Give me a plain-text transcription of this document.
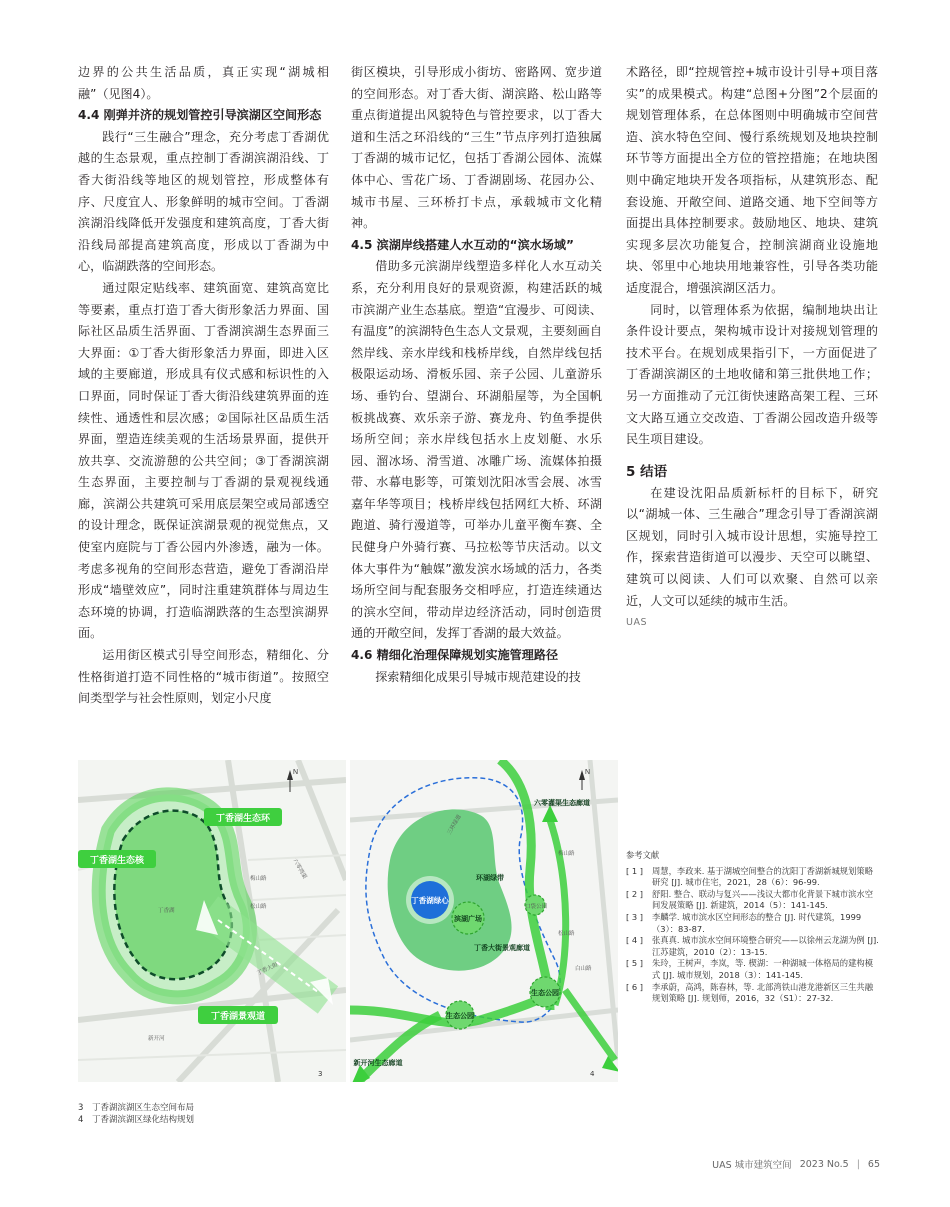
边界的公共生活品质，真正实现“湖城相融”（见图4）。

4.4 刚弹并济的规划管控引导滨湖区空间形态

践行“三生融合”理念，充分考虑丁香湖优越的生态景观，重点控制丁香湖滨湖沿线、丁香大街沿线等地区的规划管控，形成整体有序、尺度宜人、形象鲜明的城市空间。丁香湖滨湖沿线降低开发强度和建筑高度，丁香大街沿线局部提高建筑高度，形成以丁香湖为中心，临湖跌落的空间形态。

通过限定贴线率、建筑面宽、建筑高宽比等要素，重点打造丁香大街形象活力界面、国际社区品质生活界面、丁香湖滨湖生态界面三大界面：①丁香大街形象活力界面，即进入区域的主要廊道，形成具有仪式感和标识性的入口界面，同时保证丁香大街沿线建筑界面的连续性、通透性和层次感；②国际社区品质生活界面，塑造连续美观的生活场景界面，提供开放共享、交流游憩的公共空间；③丁香湖滨湖生态界面，主要控制与丁香湖的景观视线通廊，滨湖公共建筑可采用底层架空或局部透空的设计理念，既保证滨湖景观的视觉焦点，又使室内庭院与丁香公园内外渗透，融为一体。考虑多视角的空间形态营造，避免丁香湖沿岸形成“墙壁效应”，同时注重建筑群体与周边生态环境的协调，打造临湖跌落的生态型滨湖界面。

运用街区模式引导空间形态，精细化、分性格街道打造不同性格的“城市街道”。按照空间类型学与社会性原则，划定小尺度

街区模块，引导形成小街坊、密路网、宽步道的空间形态。对丁香大街、湖滨路、松山路等重点街道提出风貌特色与管控要求，以丁香大道和生活之环沿线的“三生”节点序列打造独属丁香湖的城市记忆，包括丁香湖公园体、流媒体中心、雪花广场、丁香湖剧场、花园办公、城市书屋、三环桥打卡点，承载城市文化精神。

4.5 滨湖岸线搭建人水互动的“滨水场域”

借助多元滨湖岸线塑造多样化人水互动关系，充分利用良好的景观资源，构建活跃的城市滨湖产业生态基底。塑造“宜漫步、可阅读、有温度”的滨湖特色生态人文景观，主要刻画自然岸线、亲水岸线和栈桥岸线，自然岸线包括极限运动场、滑板乐园、亲子公园、儿童游乐场、垂钓台、望湖台、环湖船屋等，为全国帆板挑战赛、欢乐亲子游、赛龙舟、钓鱼季提供场所空间；亲水岸线包括水上皮划艇、水乐园、溜冰场、滑雪道、冰雕广场、流媒体拍摄带、水幕电影等，可策划沈阳冰雪会展、冰雪嘉年华等项目；栈桥岸线包括网红大桥、环湖跑道、骑行漫道等，可举办儿童平衡车赛、全民健身户外骑行赛、马拉松等节庆活动。以文体大事件为“触媒”激发滨水场域的活力，各类场所空间与配套服务交相呼应，打造连续通达的滨水空间，带动岸边经济活动，同时创造贯通的开敞空间，发挥丁香湖的最大效益。

4.6 精细化治理保障规划实施管理路径

探索精细化成果引导城市规范建设的技

术路径，即“控规管控+城市设计引导+项目落实”的成果模式。构建“总图+分图”2个层面的规划管理体系，在总体图则中明确城市空间营造、滨水特色空间、慢行系统规划及地块控制环节等方面提出全方位的管控措施；在地块图则中确定地块开发各项指标，从建筑形态、配套设施、开敞空间、道路交通、地下空间等方面提出具体控制要求。鼓励地区、地块、建筑实现多层次功能复合，控制滨湖商业设施地块、邻里中心地块用地兼容性，引导各类功能适度混合，增强滨湖区活力。

同时，以管理体系为依据，编制地块出让条件设计要点，架构城市设计对接规划管理的技术平台。在规划成果指引下，一方面促进了丁香湖滨湖区的土地收储和第三批供地工作；另一方面推动了元江街快速路高架工程、三环文大路互通立交改造、丁香湖公园改造升级等民生项目建设。

5 结语

在建设沈阳品质新标杆的目标下，研究以“湖城一体、三生融合”理念引导丁香湖滨湖区规划，同时引入城市设计思想，实施导控工作，探索营造街道可以漫步、天空可以眺望、建筑可以阅读、人们可以欢聚、自然可以亲近，人文可以延续的城市生活。

UAS
N
丁香湖生态环
丁香湖生态核
丁香湖景观道
丁香湖
丁香大街
新开河
松山路
梅山路	六零湾渠
3
丁香湖绿心
滨湖广场
生态公园
生态公园
环湖绿带
丁香大街景观廊道
新开河生态廊道
六零灌渠生态廊道
三环绿道
口袋公园
梅山路
白山路
松山路
N
4
参考文献
[ 1 ]	周慧，李政来. 基于湖城空间整合的沈阳丁香湖新城规划策略研究 [J]. 城市住宅，2021，28（6）：96-99.
[ 2 ]	舒阳. 整合、联动与复兴——浅议大都市化背景下城市滨水空间发展策略 [J]. 新建筑，2014（5）：141-145.
[ 3 ]	李麟学. 城市滨水区空间形态的整合 [J]. 时代建筑，1999（3）：83-87.
[ 4 ]	张真真. 城市滨水空间环境整合研究——以徐州云龙湖为例 [J]. 江苏建筑，2010（2）：13-15.
[ 5 ]	朱玲，王树声，李岚，等. 楔湖：一种湖城一体格局的建构模式 [J]. 城市规划，2018（3）：141-145.
[ 6 ]	李承蔚，高鸿，陈春林，等. 北部湾铁山港龙港新区三生共融规划策略 [J]. 规划师，2016，32（S1）：27-32.
3 丁香湖滨湖区生态空间布局
4 丁香湖滨湖区绿化结构规划
UAS 城市建筑空间 2023 No.5 | 65
